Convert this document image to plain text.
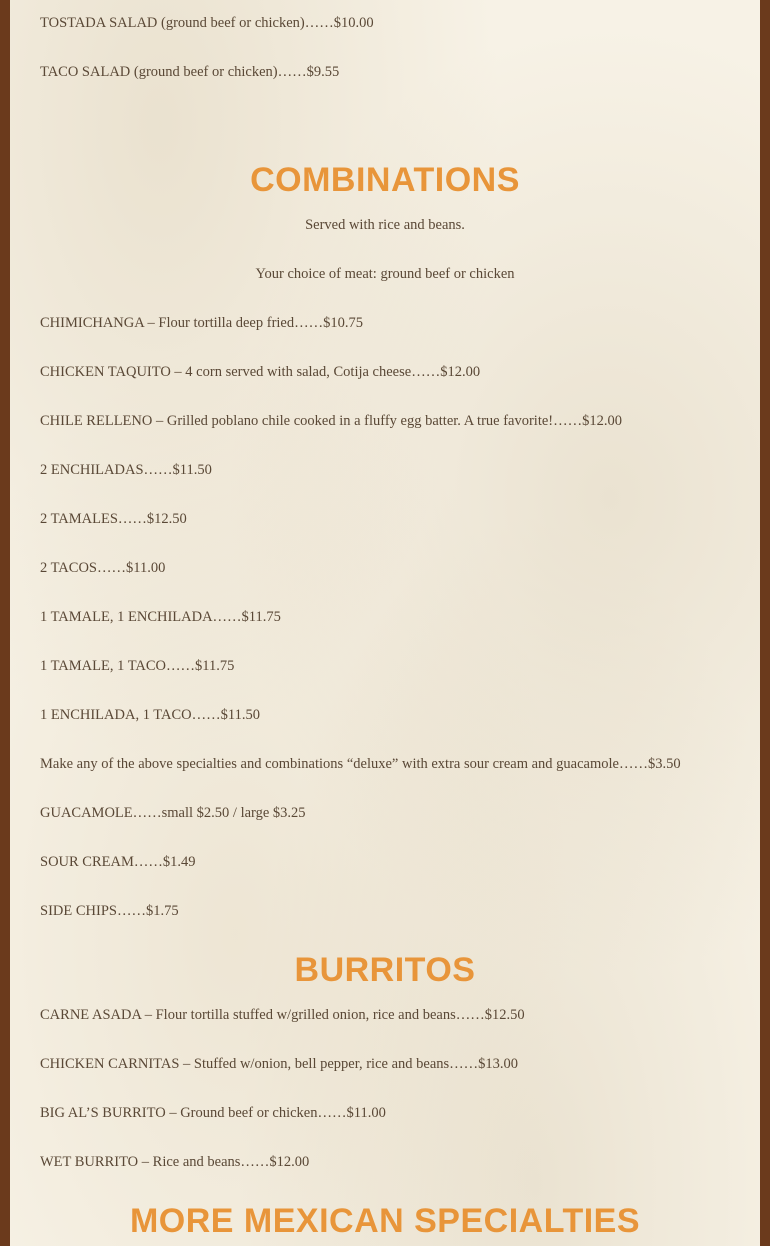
TOSTADA SALAD (ground beef or chicken)……$10.00

TACO SALAD (ground beef or chicken)……$9.55

COMBINATIONS

Served with rice and beans.

Your choice of meat: ground beef or chicken

CHIMICHANGA – Flour tortilla deep fried……$10.75

CHICKEN TAQUITO – 4 corn served with salad, Cotija cheese……$12.00

CHILE RELLENO – Grilled poblano chile cooked in a fluffy egg batter. A true favorite!……$12.00

2 ENCHILADAS……$11.50

2 TAMALES……$12.50

2 TACOS……$11.00

1 TAMALE, 1 ENCHILADA……$11.75

1 TAMALE, 1 TACO……$11.75

1 ENCHILADA, 1 TACO……$11.50

Make any of the above specialties and combinations “deluxe” with extra sour cream and guacamole……$3.50

GUACAMOLE……small $2.50 / large $3.25

SOUR CREAM……$1.49

SIDE CHIPS……$1.75

BURRITOS

CARNE ASADA – Flour tortilla stuffed w/grilled onion, rice and beans……$12.50

CHICKEN CARNITAS – Stuffed w/onion, bell pepper, rice and beans……$13.00

BIG AL’S BURRITO – Ground beef or chicken……$11.00

WET BURRITO – Rice and beans……$12.00

MORE MEXICAN SPECIALTIES
